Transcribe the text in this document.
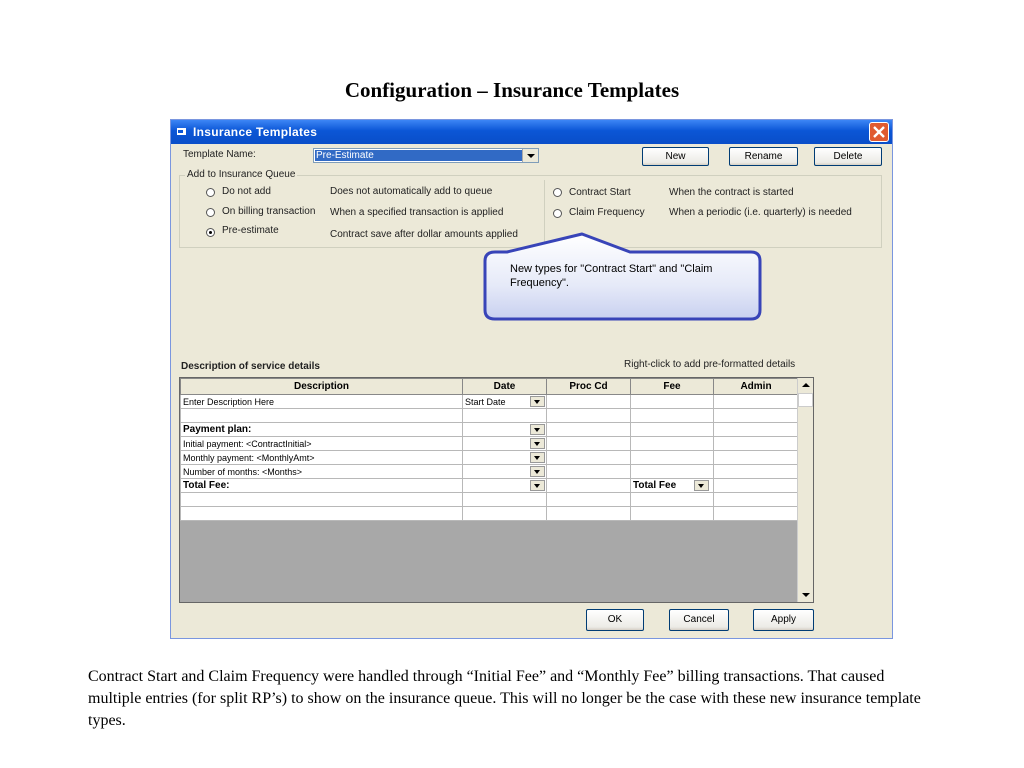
Configuration – Insurance Templates
Insurance Templates
Template Name:	Pre-Estimate	New	Rename	Delete
Add to Insurance Queue
Do not add	Does not automatically add to queue
On billing transaction When a specified transaction is applied
Pre-estimate	Contract save after dollar amounts applied
Contract Start	When the contract is started
Claim Frequency When a periodic (i.e. quarterly) is needed
New types for "Contract Start" and "Claim Frequency".
Description of service details	Right-click to add pre-formatted details
Description	Date	Proc Cd	Fee	Admin
Enter Description Here	Start Date

Payment plan:	

Initial payment: <ContractInitial>	

Monthly payment: <MonthlyAmt>	

Number of months: <Months>	

Total Fee:			Total Fee

OK	Cancel	Apply
Contract Start and Claim Frequency were handled through “Initial Fee” and “Monthly Fee” billing transactions. That caused multiple entries (for split RP’s) to show on the insurance queue. This will no longer be the case with these new insurance template types.
